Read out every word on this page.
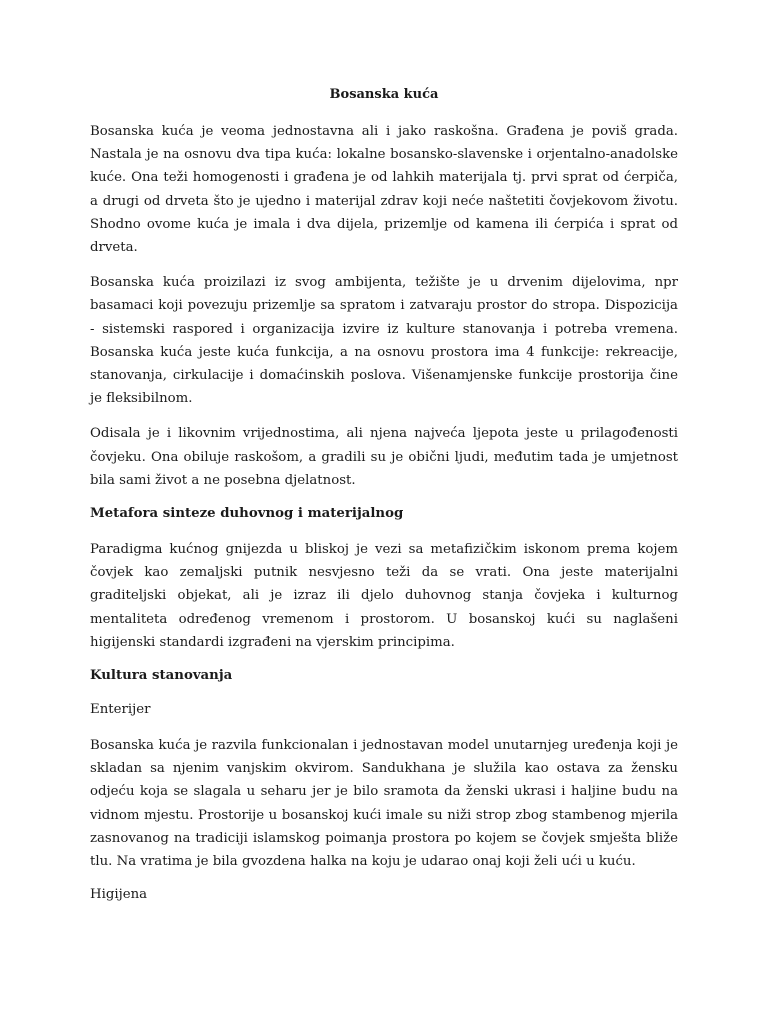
Bosanska kuća

Bosanska kuća je veoma jednostavna ali i jako raskošna. Građena je poviš grada. Nastala je na osnovu dva tipa kuća: lokalne bosansko-slavenske i orjentalno-anadolske kuće. Ona teži homogenosti i građena je od lahkih materijala tj. prvi sprat od ćerpiča, a drugi od drveta što je ujedno i materijal zdrav koji neće naštetiti čovjekovom životu. Shodno ovome kuća je imala i dva dijela, prizemlje od kamena ili ćerpića i sprat od drveta.

Bosanska kuća proizilazi iz svog ambijenta, težište je u drvenim dijelovima, npr basamaci koji povezuju prizemlje sa spratom i zatvaraju prostor do stropa. Dispozicija - sistemski raspored i organizacija izvire iz kulture stanovanja i potreba vremena. Bosanska kuća jeste kuća funkcija, a na osnovu prostora ima 4 funkcije: rekreacije, stanovanja, cirkulacije i domaćinskih poslova. Višenamjenske funkcije prostorija čine je fleksibilnom.

Odisala je i likovnim vrijednostima, ali njena najveća ljepota jeste u prilagođenosti čovjeku. Ona obiluje raskošom, a gradili su je obični ljudi, međutim tada je umjetnost bila sami život a ne posebna djelatnost.

Metafora sinteze duhovnog i materijalnog

Paradigma kućnog gnijezda u bliskoj je vezi sa metafizičkim iskonom prema kojem čovjek kao zemaljski putnik nesvjesno teži da se vrati. Ona jeste materijalni graditeljski objekat, ali je izraz ili djelo duhovnog stanja čovjeka i kulturnog mentaliteta određenog vremenom i prostorom. U bosanskoj kući su naglašeni higijenski standardi izgrađeni na vjerskim principima.

Kultura stanovanja
Enterijer

Bosanska kuća je razvila funkcionalan i jednostavan model unutarnjeg uređenja koji je skladan sa njenim vanjskim okvirom. Sandukhana je služila kao ostava za žensku odjeću koja se slagala u seharu jer je bilo sramota da ženski ukrasi i haljine budu na vidnom mjestu. Prostorije u bosanskoj kući imale su niži strop zbog stambenog mjerila zasnovanog na tradiciji islamskog poimanja prostora po kojem se čovjek smješta bliže tlu. Na vratima je bila gvozdena halka na koju je udarao onaj koji želi ući u kuću.

Higijena
